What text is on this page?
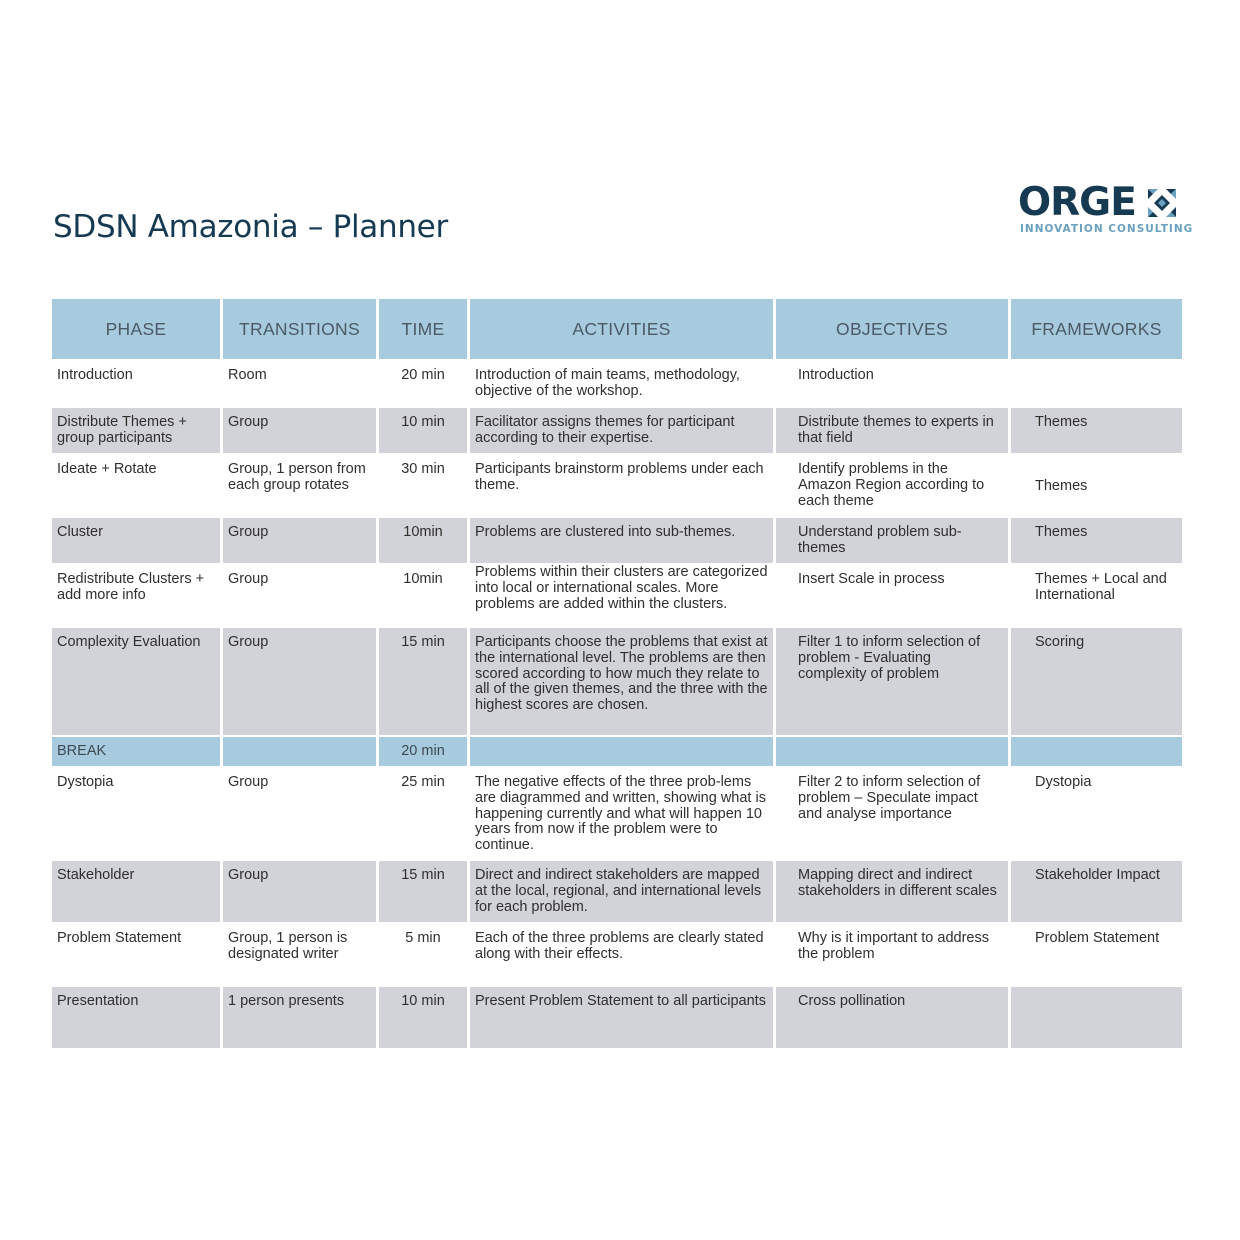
SDSN Amazonia – Planner
ORGE
INNOVATION CONSULTING
PHASE	TRANSITIONS	TIME	ACTIVITIES	OBJECTIVES	FRAMEWORKS
Introduction	Room	20 min	Introduction of main teams, methodology, objective of the workshop.	Introduction	
Distribute Themes + group participants	Group	10 min	Facilitator assigns themes for participant according to their expertise.	Distribute themes to experts in that field	Themes
Ideate + Rotate	Group, 1 person from each group rotates	30 min	Participants brainstorm problems under each theme.	Identify problems in the Amazon Region according to each theme	Themes
Cluster	Group	10min	Problems are clustered into sub-themes.	Understand problem sub-themes	Themes
Redistribute Clusters + add more info	Group	10min	Problems within their clusters are categorized into local or international scales. More problems are added within the clusters.	Insert Scale in process	Themes + Local and International
Complexity Evaluation	Group	15 min	Participants choose the problems that exist at the international level. The problems are then scored according to how much they relate to all of the given themes, and the three with the highest scores are chosen.	Filter 1 to inform selection of problem - Evaluating complexity of problem	Scoring
BREAK		20 min			
Dystopia	Group	25 min	The negative effects of the three prob-lems are diagrammed and written, showing what is happening currently and what will happen 10 years from now if the problem were to continue.	Filter 2 to inform selection of problem – Speculate impact and analyse importance	Dystopia
Stakeholder	Group	15 min	Direct and indirect stakeholders are mapped at the local, regional, and international levels for each problem.	Mapping direct and indirect stakeholders in different scales	Stakeholder Impact
Problem Statement	Group, 1 person is designated writer	5 min	Each of the three problems are clearly stated along with their effects.	Why is it important to address the problem	Problem Statement
Presentation	1 person presents	10 min	Present Problem Statement to all participants	Cross pollination	
